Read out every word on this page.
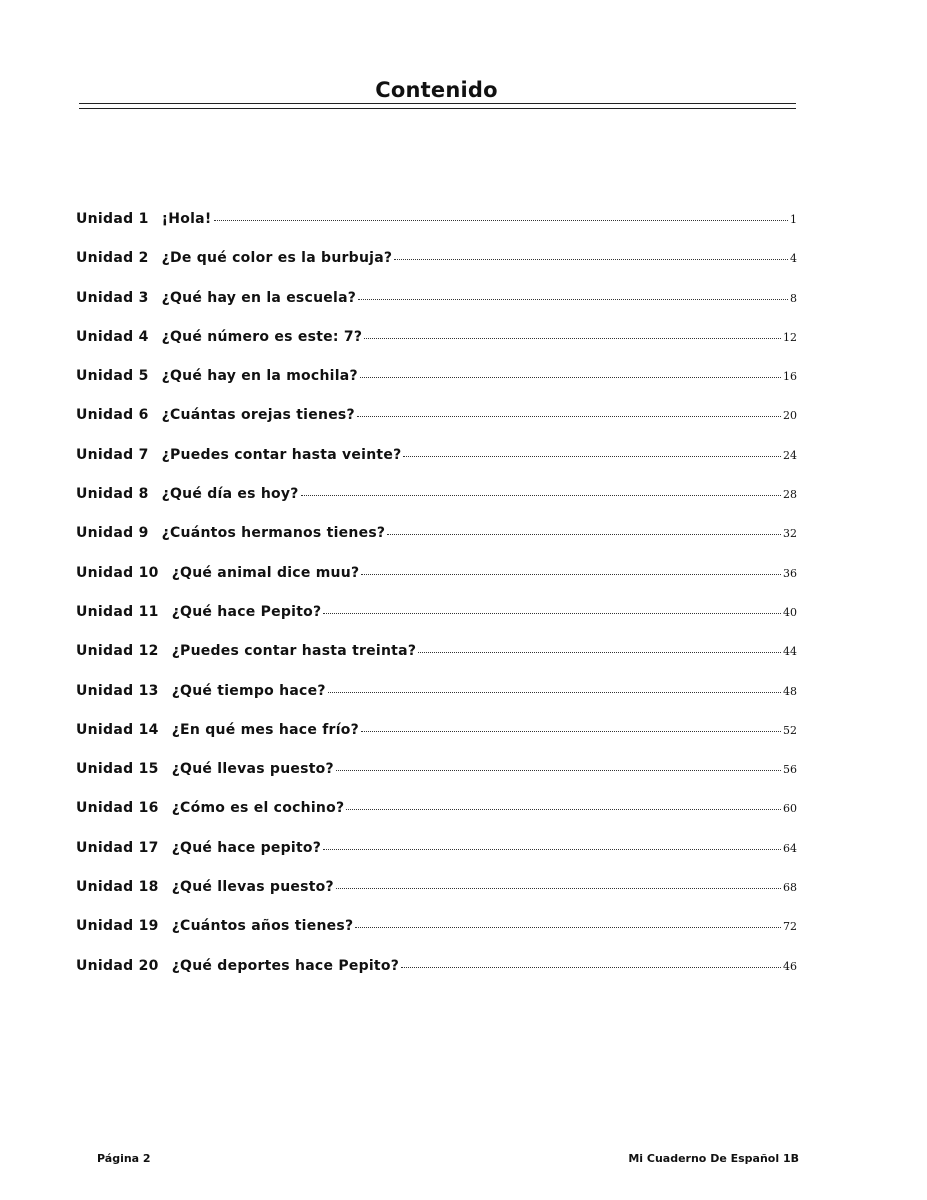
Contenido
Unidad 1 ¡Hola!	1
Unidad 2 ¿De qué color es la burbuja?	4
Unidad 3 ¿Qué hay en la escuela?	8
Unidad 4 ¿Qué número es este: 7?	12
Unidad 5 ¿Qué hay en la mochila?	16
Unidad 6 ¿Cuántas orejas tienes?	20
Unidad 7 ¿Puedes contar hasta veinte?	24
Unidad 8 ¿Qué día es hoy?	28
Unidad 9 ¿Cuántos hermanos tienes?	32
Unidad 10 ¿Qué animal dice muu?	36
Unidad 11 ¿Qué hace Pepito?	40
Unidad 12 ¿Puedes contar hasta treinta?	44
Unidad 13 ¿Qué tiempo hace?	48
Unidad 14 ¿En qué mes hace frío?	52
Unidad 15 ¿Qué llevas puesto?	56
Unidad 16 ¿Cómo es el cochino?	60
Unidad 17 ¿Qué hace pepito?	64
Unidad 18 ¿Qué llevas puesto?	68
Unidad 19 ¿Cuántos años tienes?	72
Unidad 20 ¿Qué deportes hace Pepito?	46
Página 2	Mi Cuaderno De Español 1B
